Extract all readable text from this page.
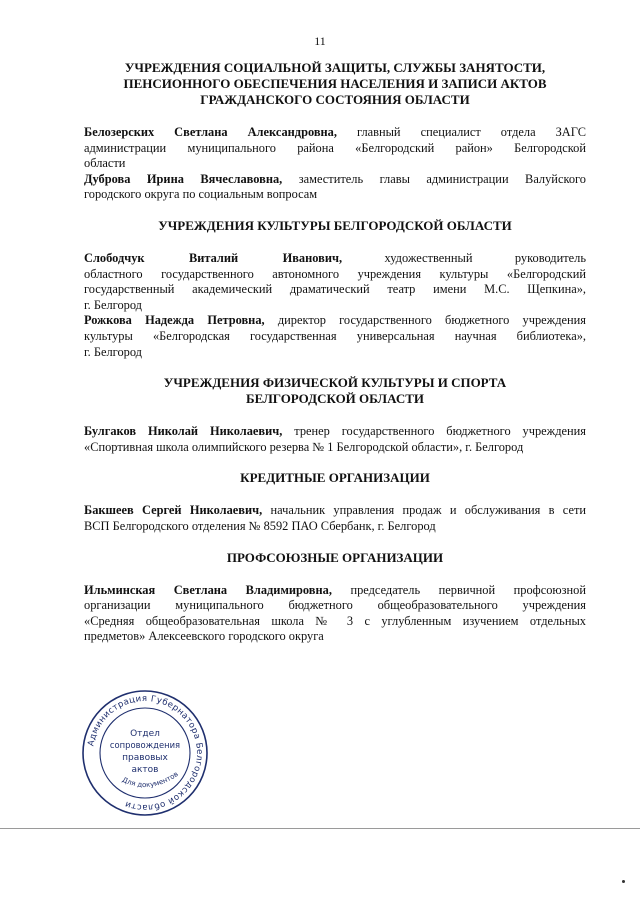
11

УЧРЕЖДЕНИЯ СОЦИАЛЬНОЙ ЗАЩИТЫ, СЛУЖБЫ ЗАНЯТОСТИ,
ПЕНСИОННОГО ОБЕСПЕЧЕНИЯ НАСЕЛЕНИЯ И ЗАПИСИ АКТОВ
ГРАЖДАНСКОГО СОСТОЯНИЯ ОБЛАСТИ

Белозерских Светлана Александровна, главный специалист отдела ЗАГС
администрации муниципального района «Белгородский район» Белгородской
области

Дуброва Ирина Вячеславовна, заместитель главы администрации Валуйского
городского округа по социальным вопросам

УЧРЕЖДЕНИЯ КУЛЬТУРЫ БЕЛГОРОДСКОЙ ОБЛАСТИ

Слободчук Виталий Иванович, художественный руководитель
областного государственного автономного учреждения культуры «Белгородский
государственный академический драматический театр имени М.С. Щепкина»,
г. Белгород

Рожкова Надежда Петровна, директор государственного бюджетного учреждения
культуры «Белгородская государственная универсальная научная библиотека»,
г. Белгород

УЧРЕЖДЕНИЯ ФИЗИЧЕСКОЙ КУЛЬТУРЫ И СПОРТА
БЕЛГОРОДСКОЙ ОБЛАСТИ

Булгаков Николай Николаевич, тренер государственного бюджетного учреждения
«Спортивная школа олимпийского резерва № 1 Белгородской области», г. Белгород

КРЕДИТНЫЕ ОРГАНИЗАЦИИ

Бакшеев Сергей Николаевич, начальник управления продаж и обслуживания в сети
ВСП Белгородского отделения № 8592 ПАО Сбербанк, г. Белгород

ПРОФСОЮЗНЫЕ ОРГАНИЗАЦИИ

Ильминская Светлана Владимировна, председатель первичной профсоюзной
организации муниципального бюджетного общеобразовательного учреждения
«Средняя общеобразовательная школа № 3 с углубленным изучением отдельных
предметов» Алексеевского городского округа

Администрация Губернатора Белгородской области
Отдел
сопровождения
правовых
актов
Для документов
